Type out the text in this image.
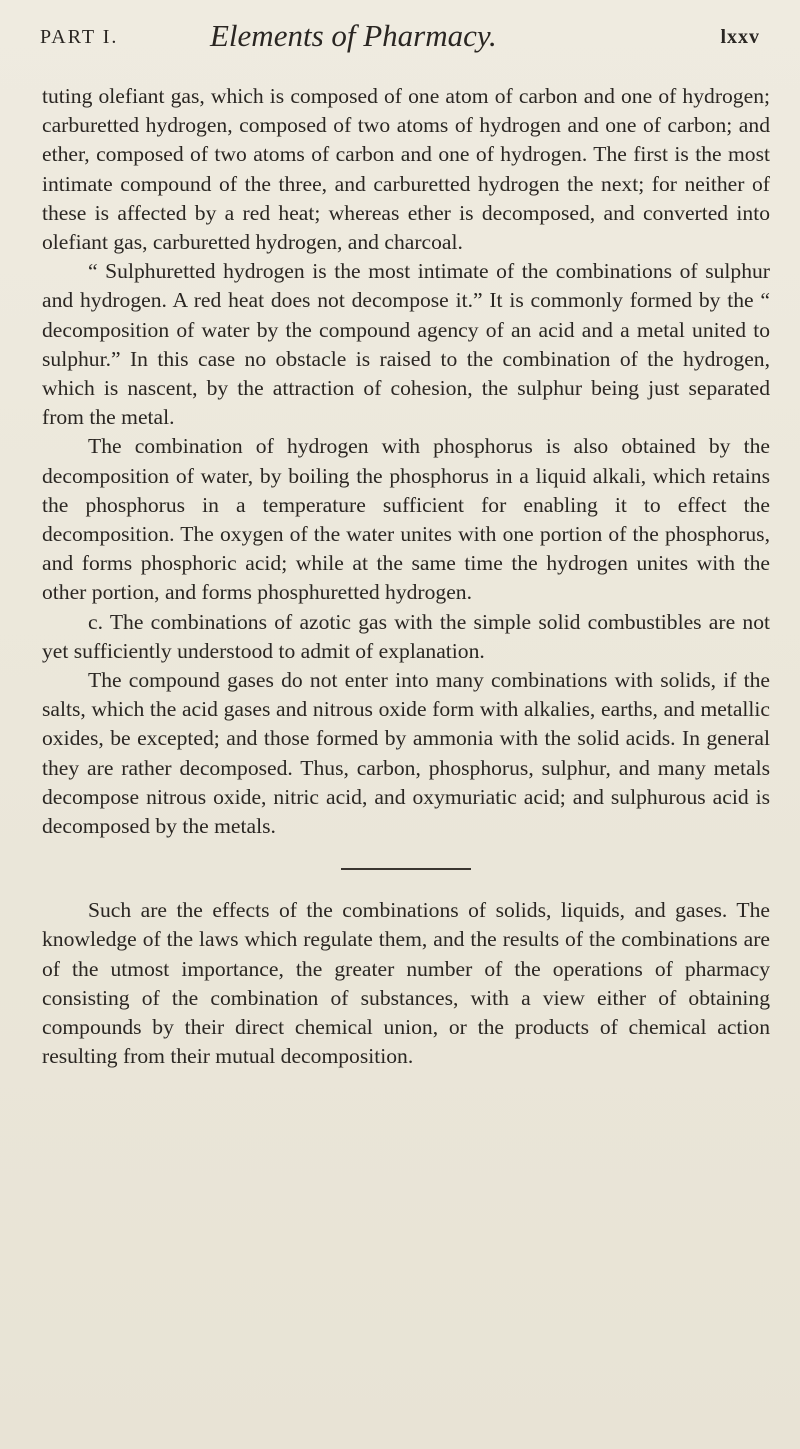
PART I.	Elements of Pharmacy.	lxxv

tuting olefiant gas, which is composed of one atom of carbon and one of hydrogen; carburetted hydrogen, composed of two atoms of hydrogen and one of carbon; and ether, composed of two atoms of carbon and one of hydrogen. The first is the most intimate compound of the three, and carburetted hydrogen the next; for neither of these is affected by a red heat; whereas ether is decomposed, and converted into olefiant gas, carburetted hydrogen, and charcoal.

“ Sulphuretted hydrogen is the most intimate of the combinations of sulphur and hydrogen. A red heat does not decompose it.” It is commonly formed by the “ decomposition of water by the compound agency of an acid and a metal united to sulphur.” In this case no obstacle is raised to the combination of the hydrogen, which is nascent, by the attraction of cohesion, the sulphur being just separated from the metal.

The combination of hydrogen with phosphorus is also obtained by the decomposition of water, by boiling the phosphorus in a liquid alkali, which retains the phosphorus in a temperature sufficient for enabling it to effect the decomposition. The oxygen of the water unites with one portion of the phosphorus, and forms phosphoric acid; while at the same time the hydrogen unites with the other portion, and forms phosphuretted hydrogen.

c. The combinations of azotic gas with the simple solid combustibles are not yet sufficiently understood to admit of explanation.

The compound gases do not enter into many combinations with solids, if the salts, which the acid gases and nitrous oxide form with alkalies, earths, and metallic oxides, be excepted; and those formed by ammonia with the solid acids. In general they are rather decomposed. Thus, carbon, phosphorus, sulphur, and many metals decompose nitrous oxide, nitric acid, and oxymuriatic acid; and sulphurous acid is decomposed by the metals.

Such are the effects of the combinations of solids, liquids, and gases. The knowledge of the laws which regulate them, and the results of the combinations are of the utmost importance, the greater number of the operations of pharmacy consisting of the combination of substances, with a view either of obtaining compounds by their direct chemical union, or the products of chemical action resulting from their mutual decomposition.
